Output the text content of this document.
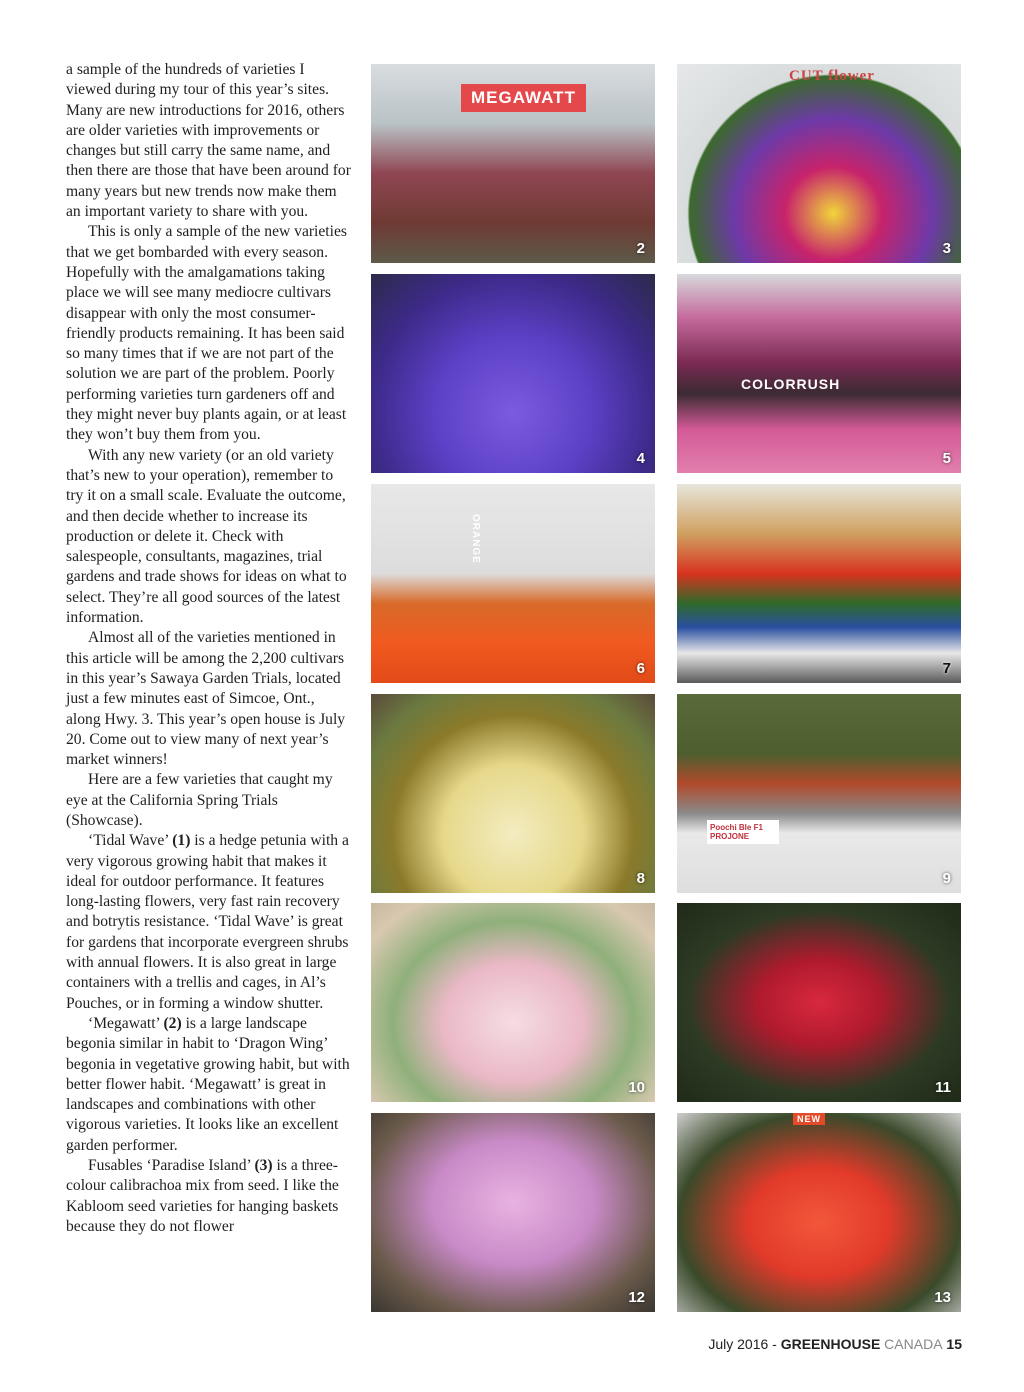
a sample of the hundreds of varieties I viewed during my tour of this year’s sites. Many are new introductions for 2016, others are older varieties with improvements or changes but still carry the same name, and then there are those that have been around for many years but new trends now make them an important variety to share with you.

This is only a sample of the new varieties that we get bombarded with every season. Hopefully with the amalgamations taking place we will see many mediocre cultivars disappear with only the most consumer-friendly products remaining. It has been said so many times that if we are not part of the solution we are part of the problem. Poorly performing varieties turn gardeners off and they might never buy plants again, or at least they won’t buy them from you.

With any new variety (or an old variety that’s new to your operation), remember to try it on a small scale. Evaluate the outcome, and then decide whether to increase its production or delete it. Check with salespeople, consultants, magazines, trial gardens and trade shows for ideas on what to select. They’re all good sources of the latest information.

Almost all of the varieties mentioned in this article will be among the 2,200 cultivars in this year’s Sawaya Garden Trials, located just a few minutes east of Simcoe, Ont., along Hwy. 3. This year’s open house is July 20. Come out to view many of next year’s market winners!

Here are a few varieties that caught my eye at the California Spring Trials (Showcase).

‘Tidal Wave’ (1) is a hedge petunia with a very vigorous growing habit that makes it ideal for outdoor performance. It features long-lasting flowers, very fast rain recovery and botrytis resistance. ‘Tidal Wave’ is great for gardens that incorporate evergreen shrubs with annual flowers. It is also great in large containers with a trellis and cages, in Al’s Pouches, or in forming a window shutter.

‘Megawatt’ (2) is a large landscape begonia similar in habit to ‘Dragon Wing’ begonia in vegetative growing habit, but with better flower habit. ‘Megawatt’ is great in landscapes and combinations with other vigorous varieties. It looks like an excellent garden performer.

Fusables ‘Paradise Island’ (3) is a three-colour calibrachoa mix from seed. I like the Kabloom seed varieties for hanging baskets because they do not flower

MEGAWATT
2
CUT flower
3
4
COLORRUSH
5
ORANGE
6	7
8
Poochi Ble F1 PROJONE
9
10	11
12
NEW
13
July 2016 - GREENHOUSE CANADA 15
